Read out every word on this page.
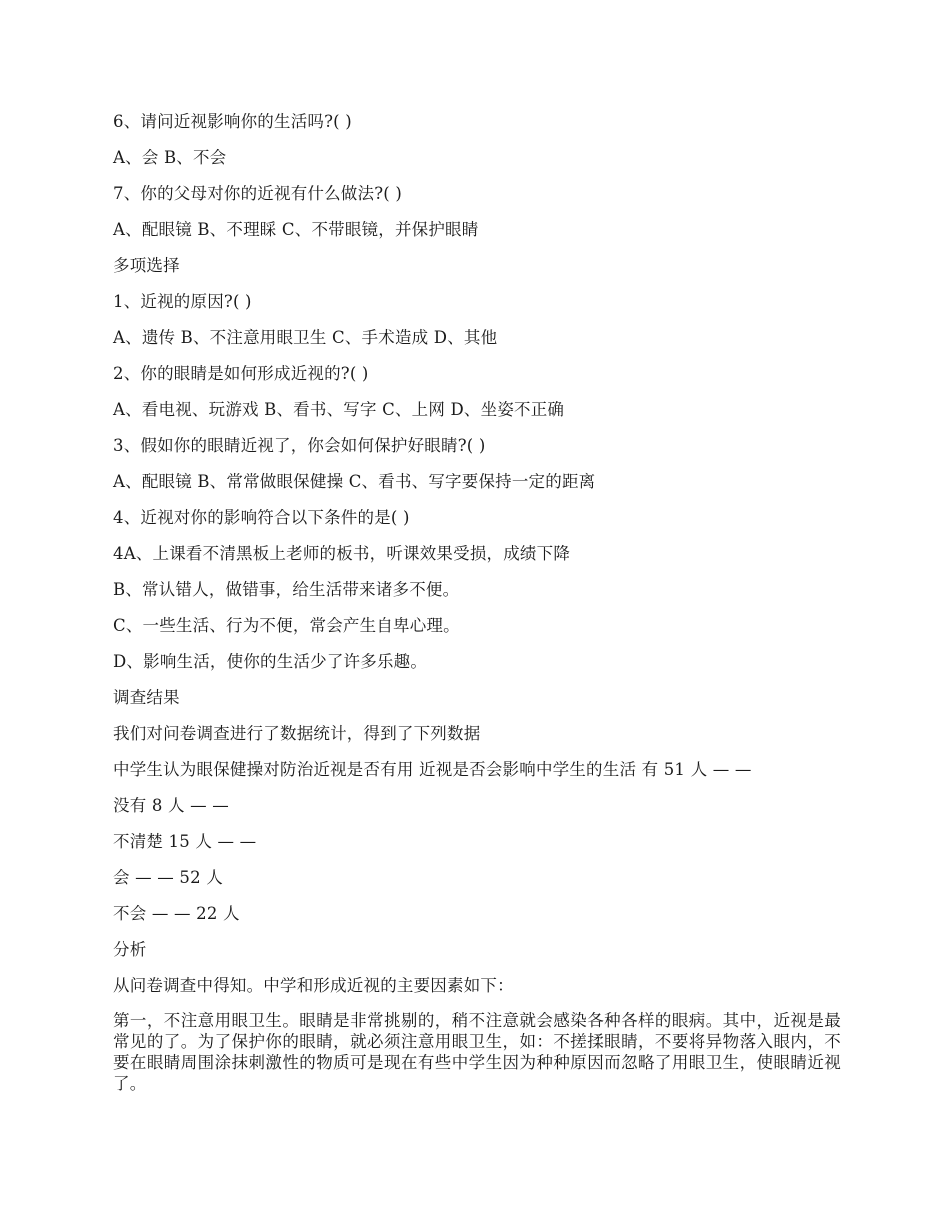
6、请问近视影响你的生活吗?( )
A、会 B、不会
7、你的父母对你的近视有什么做法?( )
A、配眼镜 B、不理睬 C、不带眼镜，并保护眼睛
多项选择
1、近视的原因?( )
A、遗传 B、不注意用眼卫生 C、手术造成 D、其他
2、你的眼睛是如何形成近视的?( )
A、看电视、玩游戏 B、看书、写字 C、上网 D、坐姿不正确
3、假如你的眼睛近视了，你会如何保护好眼睛?( )
A、配眼镜 B、常常做眼保健操 C、看书、写字要保持一定的距离
4、近视对你的影响符合以下条件的是( )
4A、上课看不清黑板上老师的板书，听课效果受损，成绩下降
B、常认错人，做错事，给生活带来诸多不便。
C、一些生活、行为不便，常会产生自卑心理。
D、影响生活，使你的生活少了许多乐趣。
调查结果
我们对问卷调查进行了数据统计，得到了下列数据
中学生认为眼保健操对防治近视是否有用 近视是否会影响中学生的生活 有 51 人 — —
没有 8 人 — —
不清楚 15 人 — —
会 — — 52 人
不会 — — 22 人
分析
从问卷调查中得知。中学和形成近视的主要因素如下：

第一，不注意用眼卫生。眼睛是非常挑剔的，稍不注意就会感染各种各样的眼病。其中，近视是最常见的了。为了保护你的眼睛，就必须注意用眼卫生，如：不搓揉眼睛，不要将异物落入眼内，不要在眼睛周围涂抹刺激性的物质可是现在有些中学生因为种种原因而忽略了用眼卫生，使眼睛近视了。
